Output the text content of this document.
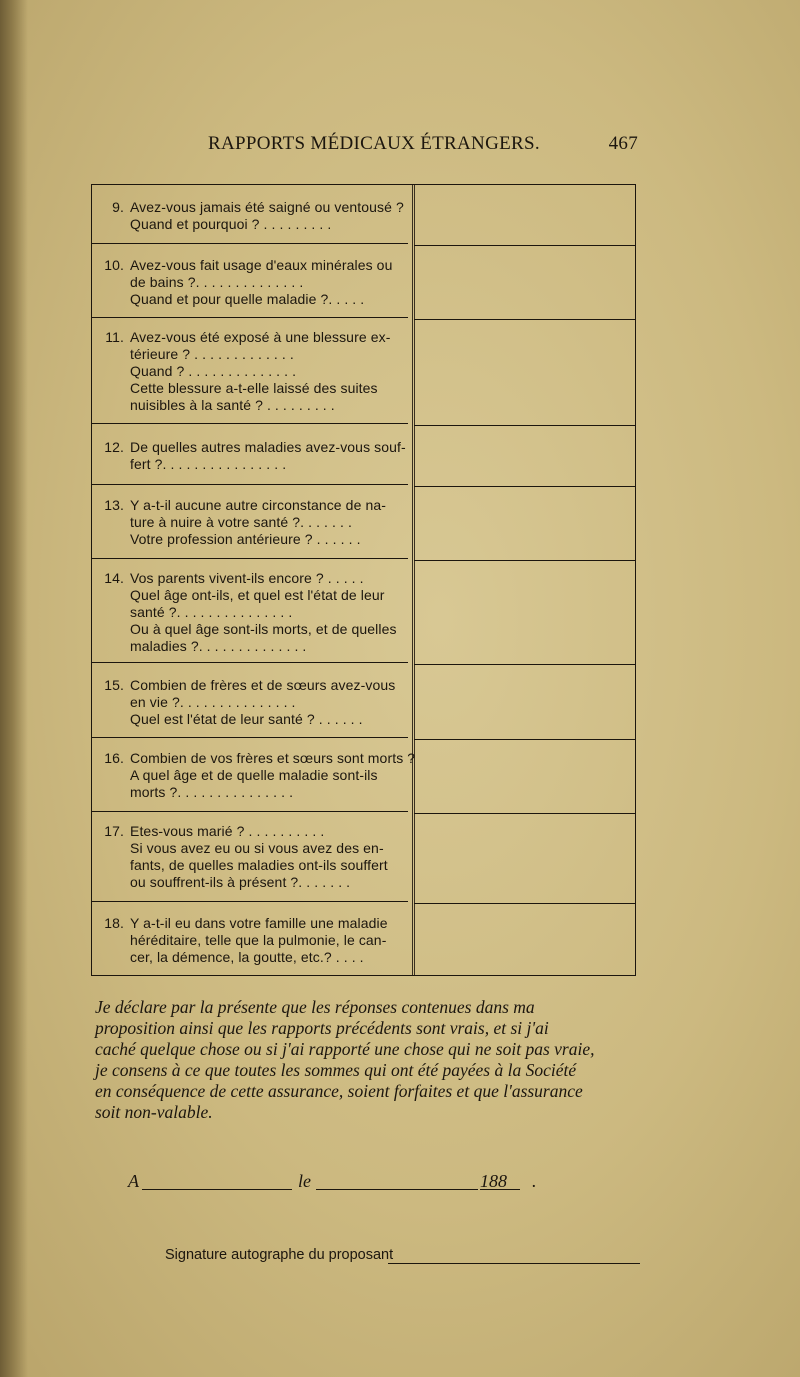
RAPPORTS MÉDICAUX ÉTRANGERS.	467
9. Avez-vous jamais été saigné ou ventousé ?
Quand et pourquoi ? . . . . . . . . .
10. Avez-vous fait usage d'eaux minérales ou
de bains ?. . . . . . . . . . . . . .
Quand et pour quelle maladie ?. . . . .
11. Avez-vous été exposé à une blessure ex-
térieure ? . . . . . . . . . . . . .
Quand ? . . . . . . . . . . . . . .
Cette blessure a-t-elle laissé des suites
nuisibles à la santé ? . . . . . . . . .
12. De quelles autres maladies avez-vous souf-
fert ?. . . . . . . . . . . . . . . .
13. Y a-t-il aucune autre circonstance de na-
ture à nuire à votre santé ?. . . . . . .
Votre profession antérieure ? . . . . . .
14. Vos parents vivent-ils encore ? . . . . .
Quel âge ont-ils, et quel est l'état de leur
santé ?. . . . . . . . . . . . . . .
Ou à quel âge sont-ils morts, et de quelles
maladies ?. . . . . . . . . . . . . .
15. Combien de frères et de sœurs avez-vous
en vie ?. . . . . . . . . . . . . . .
Quel est l'état de leur santé ? . . . . . .
16. Combien de vos frères et sœurs sont morts ?
A quel âge et de quelle maladie sont-ils
morts ?. . . . . . . . . . . . . . .
17. Etes-vous marié ? . . . . . . . . . .
Si vous avez eu ou si vous avez des en-
fants, de quelles maladies ont-ils souffert
ou souffrent-ils à présent ?. . . . . . .
18. Y a-t-il eu dans votre famille une maladie
héréditaire, telle que la pulmonie, le can-
cer, la démence, la goutte, etc.? . . . .
Je déclare par la présente que les réponses contenues dans ma
proposition ainsi que les rapports précédents sont vrais, et si j'ai
caché quelque chose ou si j'ai rapporté une chose qui ne soit pas vraie,
je consens à ce que toutes les sommes qui ont été payées à la Société
en conséquence de cette assurance, soient forfaites et que l'assurance
soit non-valable.
A	le	188 .
Signature autographe du proposant
